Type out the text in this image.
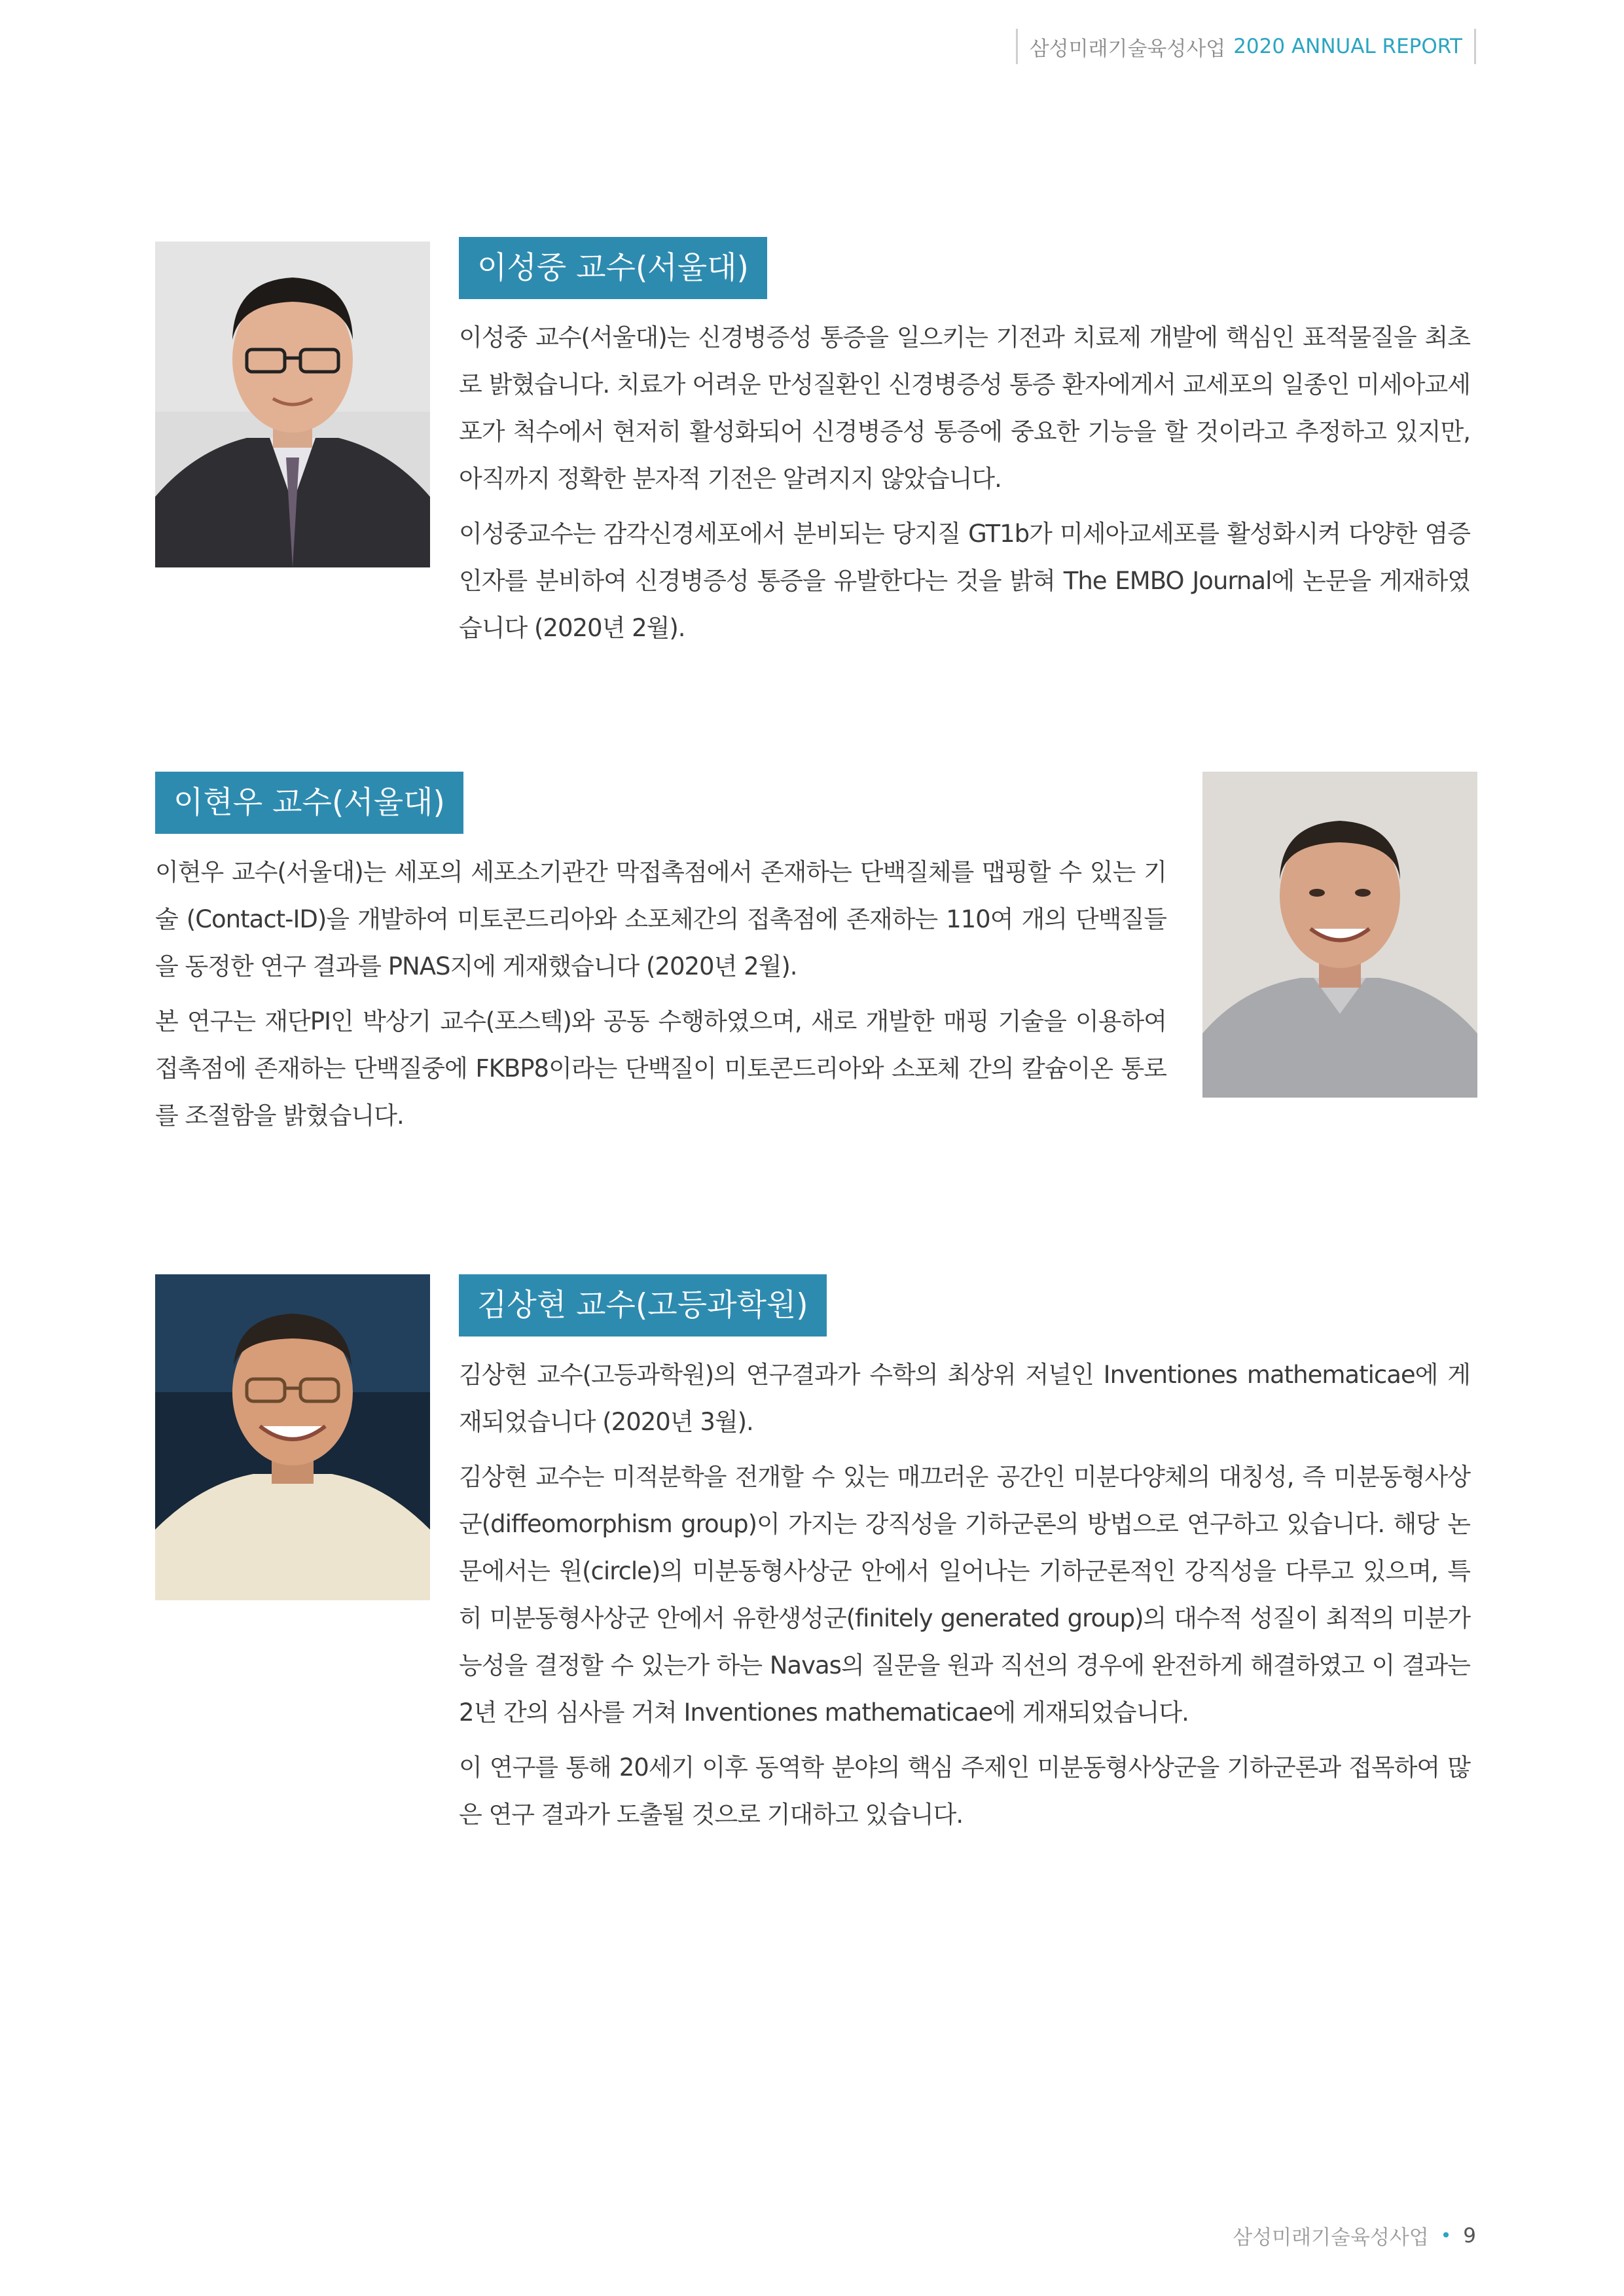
삼성미래기술육성사업 2020 ANNUAL REPORT
이성중 교수(서울대)

이성중 교수(서울대)는 신경병증성 통증을 일으키는 기전과 치료제 개발에 핵심인 표적물질을 최초로 밝혔습니다. 치료가 어려운 만성질환인 신경병증성 통증 환자에게서 교세포의 일종인 미세아교세포가 척수에서 현저히 활성화되어 신경병증성 통증에 중요한 기능을 할 것이라고 추정하고 있지만, 아직까지 정확한 분자적 기전은 알려지지 않았습니다.

이성중교수는 감각신경세포에서 분비되는 당지질 GT1b가 미세아교세포를 활성화시켜 다양한 염증 인자를 분비하여 신경병증성 통증을 유발한다는 것을 밝혀 The EMBO Journal에 논문을 게재하였습니다 (2020년 2월).

이현우 교수(서울대)

이현우 교수(서울대)는 세포의 세포소기관간 막접촉점에서 존재하는 단백질체를 맵핑할 수 있는 기술 (Contact-ID)을 개발하여 미토콘드리아와 소포체간의 접촉점에 존재하는 110여 개의 단백질들을 동정한 연구 결과를 PNAS지에 게재했습니다 (2020년 2월).

본 연구는 재단PI인 박상기 교수(포스텍)와 공동 수행하였으며, 새로 개발한 매핑 기술을 이용하여 접촉점에 존재하는 단백질중에 FKBP8이라는 단백질이 미토콘드리아와 소포체 간의 칼슘이온 통로를 조절함을 밝혔습니다.

김상현 교수(고등과학원)

김상현 교수(고등과학원)의 연구결과가 수학의 최상위 저널인 Inventiones mathematicae에 게재되었습니다 (2020년 3월).

김상현 교수는 미적분학을 전개할 수 있는 매끄러운 공간인 미분다양체의 대칭성, 즉 미분동형사상군(diffeomorphism group)이 가지는 강직성을 기하군론의 방법으로 연구하고 있습니다. 해당 논문에서는 원(circle)의 미분동형사상군 안에서 일어나는 기하군론적인 강직성을 다루고 있으며, 특히 미분동형사상군 안에서 유한생성군(finitely generated group)의 대수적 성질이 최적의 미분가능성을 결정할 수 있는가 하는 Navas의 질문을 원과 직선의 경우에 완전하게 해결하였고 이 결과는 2년 간의 심사를 거쳐 Inventiones mathematicae에 게재되었습니다.

이 연구를 통해 20세기 이후 동역학 분야의 핵심 주제인 미분동형사상군을 기하군론과 접목하여 많은 연구 결과가 도출될 것으로 기대하고 있습니다.

삼성미래기술육성사업 • 9
